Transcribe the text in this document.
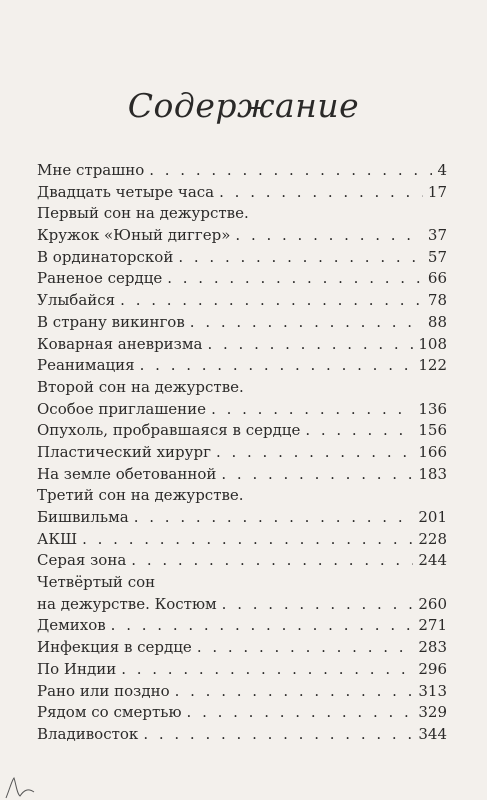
Содержание
Мне страшно . . .	4
Двадцать четыре часа . . .	17
Первый сон на дежурстве.
Кружок «Юный диггер» . . .	37
В ординаторской . . .	57
Раненое сердце . . .	66
Улыбайся . . .	78
В страну викингов . . .	88
Коварная аневризма . . .	108
Реанимация . . .	122
Второй сон на дежурстве.
Особое приглашение . . .	136
Опухоль, пробравшаяся в сердце . . .	156
Пластический хирург . . .	166
На земле обетованной . . .	183
Третий сон на дежурстве.
Бишвильма . . .	201
АКШ . . .	228
Серая зона . . .	244
Четвёртый сон
на дежурстве. Костюм . . .	260
Демихов . . .	271
Инфекция в сердце . . .	283
По Индии . . .	296
Рано или поздно . . .	313
Рядом со смертью . . .	329
Владивосток . . .	344
